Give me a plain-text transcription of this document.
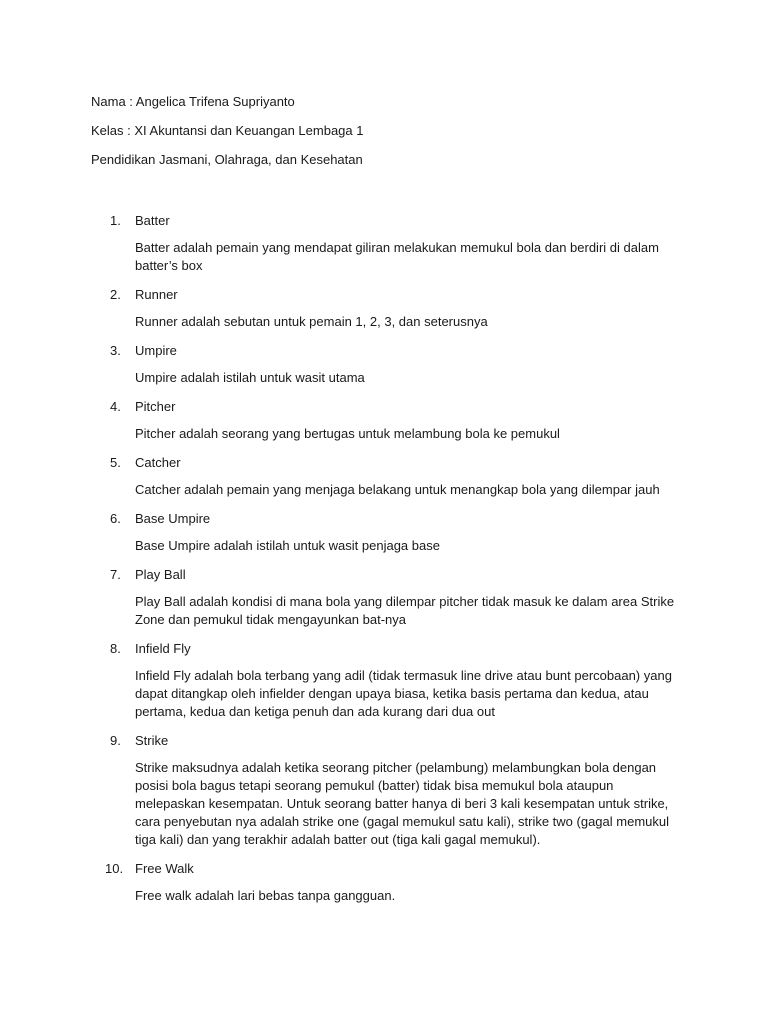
Nama : Angelica Trifena Supriyanto

Kelas : XI Akuntansi dan Keuangan Lembaga 1

Pendidikan Jasmani, Olahraga, dan Kesehatan

1.	Batter

Batter adalah pemain yang mendapat giliran melakukan memukul bola dan berdiri di dalam batter’s box

2.	Runner

Runner adalah sebutan untuk pemain 1, 2, 3, dan seterusnya

3.	Umpire

Umpire adalah istilah untuk wasit utama

4.	Pitcher

Pitcher adalah seorang yang bertugas untuk melambung bola ke pemukul

5.	Catcher

Catcher adalah pemain yang menjaga belakang untuk menangkap bola yang dilempar jauh

6.	Base Umpire

Base Umpire adalah istilah untuk wasit penjaga base

7.	Play Ball

Play Ball adalah kondisi di mana bola yang dilempar pitcher tidak masuk ke dalam area Strike Zone dan pemukul tidak mengayunkan bat-nya

8.	Infield Fly

Infield Fly adalah bola terbang yang adil (tidak termasuk line drive atau bunt percobaan) yang dapat ditangkap oleh infielder dengan upaya biasa, ketika basis pertama dan kedua, atau pertama, kedua dan ketiga penuh dan ada kurang dari dua out

9.	Strike

Strike maksudnya adalah ketika seorang pitcher (pelambung) melambungkan bola dengan posisi bola bagus tetapi seorang pemukul (batter) tidak bisa memukul bola ataupun melepaskan kesempatan. Untuk seorang batter hanya di beri 3 kali kesempatan untuk strike, cara penyebutan nya adalah strike one (gagal memukul satu kali), strike two (gagal memukul tiga kali) dan yang terakhir adalah batter out (tiga kali gagal memukul).

10. Free Walk

Free walk adalah lari bebas tanpa gangguan.
